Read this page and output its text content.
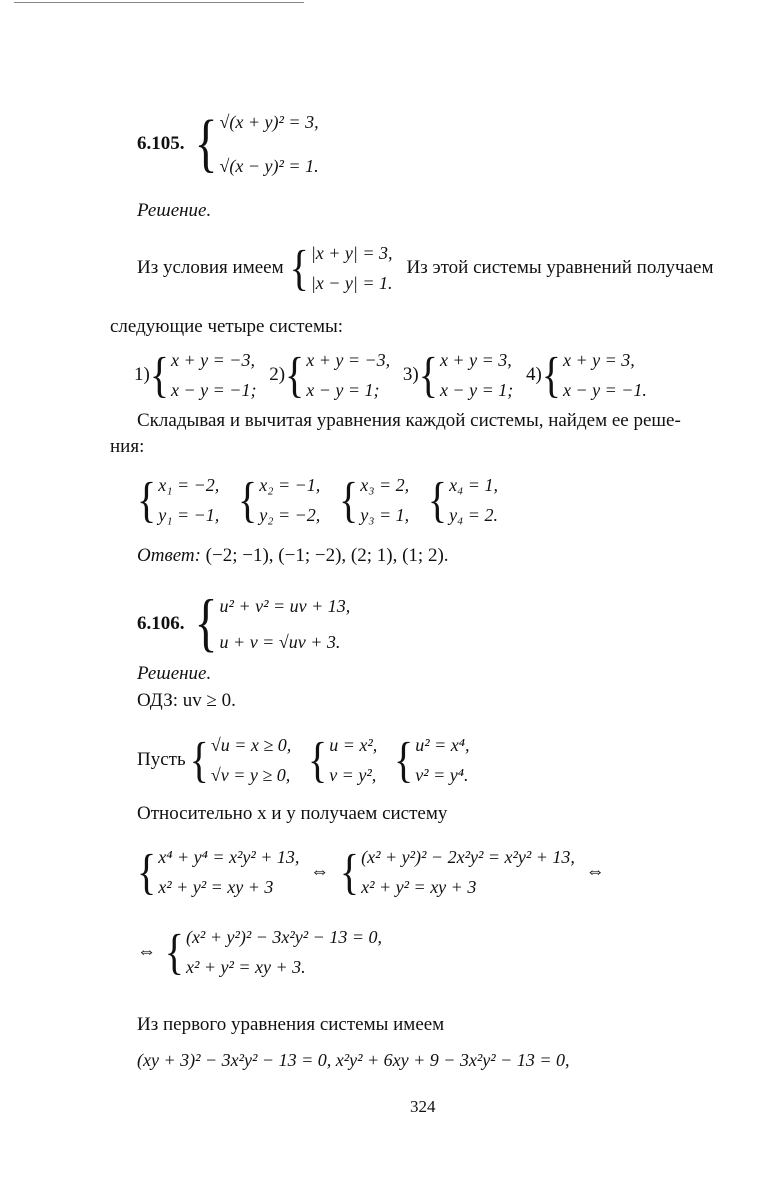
6.105. { √(x + y)² = 3,
√(x − y)² = 1.
Решение.
Из условия имеем { |x + y| = 3,
|x − y| = 1.
Из этой системы уравнений получаем
следующие четыре системы:
1) { x + y = −3,
x − y = −1;

2) { x + y = −3,
x − y = 1;

3) { x + y = 3,
x − y = 1;

4) { x + y = 3,
x − y = −1.
Складывая и вычитая уравнения каждой системы, найдем ее реше-
ния:
{ x₁ = −2,
y₁ = −1,
{ x₂ = −1,
y₂ = −2,
{ x₃ = 2,
y₃ = 1,
{ x₄ = 1,
y₄ = 2.
Ответ: (−2; −1), (−1; −2), (2; 1), (1; 2).
6.106. { u² + v² = uv + 13,
u + v = √uv + 3.
Решение.
ОДЗ: uv ≥ 0.
Пусть { √u = x ≥ 0,
√v = y ≥ 0,
{ u = x²,
v = y²,
{ u² = x⁴,
v² = y⁴.
Относительно x и y получаем систему
{ x⁴ + y⁴ = x²y² + 13,
x² + y² = xy + 3
⇔ { (x² + y²)² − 2x²y² = x²y² + 13,
x² + y² = xy + 3
⇔
⇔ { (x² + y²)² − 3x²y² − 13 = 0,
x² + y² = xy + 3.
Из первого уравнения системы имеем
(xy + 3)² − 3x²y² − 13 = 0, x²y² + 6xy + 9 − 3x²y² − 13 = 0,
324
